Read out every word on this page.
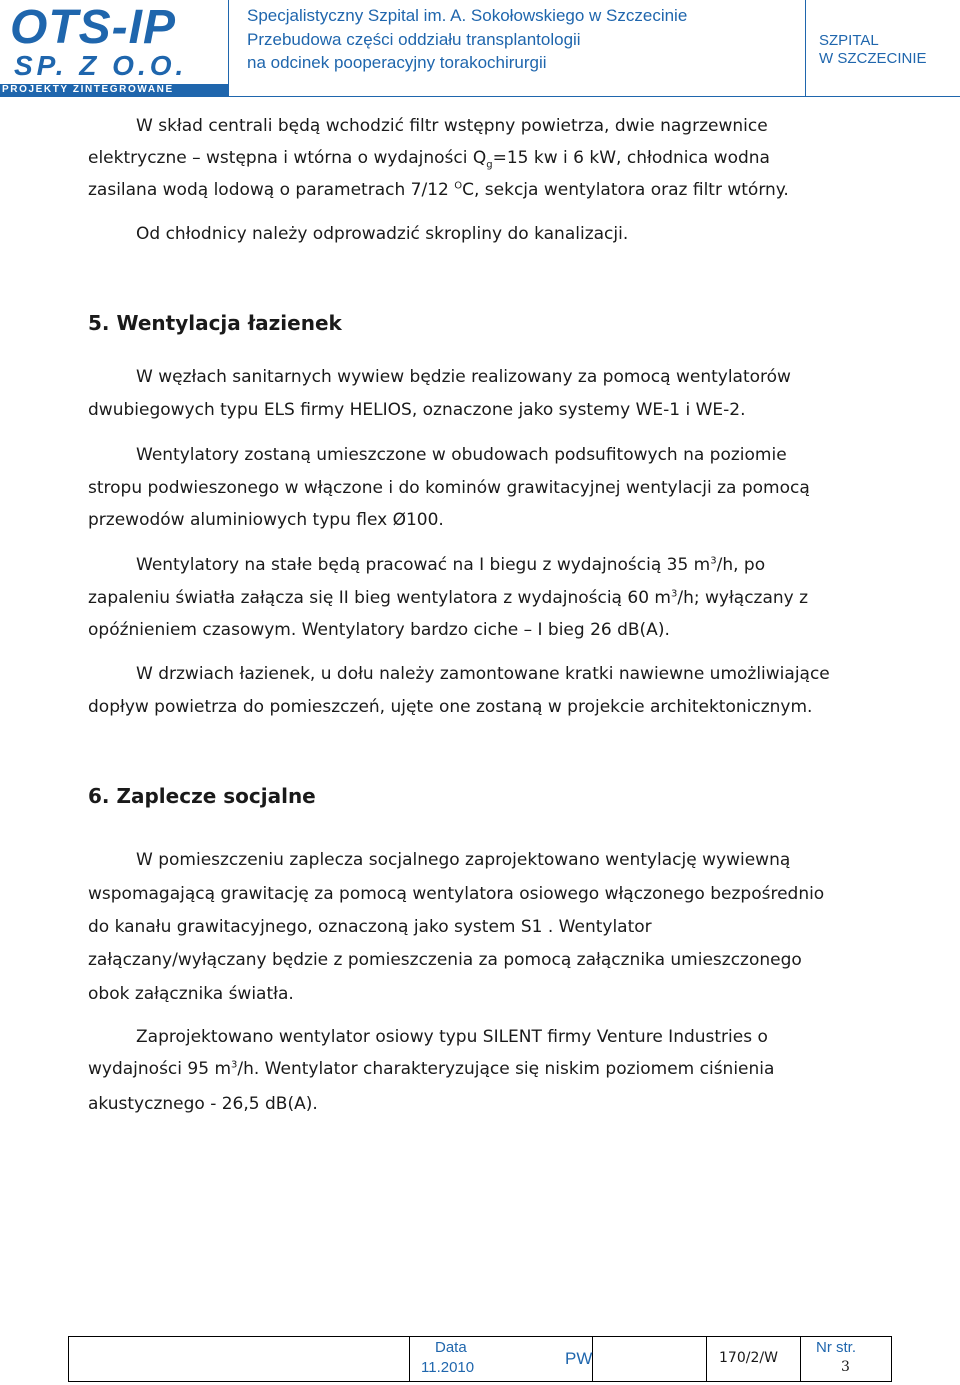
OTS-IP
SP. Z O.O.
PROJEKTY ZINTEGROWANE
Specjalistyczny Szpital im. A. Sokołowskiego w Szczecinie
Przebudowa części oddziału transplantologii
na odcinek pooperacyjny torakochirurgii
SZPITAL
W SZCZECINIE
W skład centrali będą wchodzić filtr wstępny powietrza, dwie nagrzewnice
elektryczne – wstępna i wtórna o wydajności $Q_g=15$ kw i 6 kW, chłodnica wodna
zasilana wodą lodową o parametrach 7/12 $^O$C, sekcja wentylatora oraz filtr wtórny.
Od chłodnicy należy odprowadzić skropliny do kanalizacji.
5. Wentylacja łazienek
W węzłach sanitarnych wywiew będzie realizowany za pomocą wentylatorów
dwubiegowych typu ELS firmy HELIOS, oznaczone jako systemy WE-1 i WE-2.
Wentylatory zostaną umieszczone w obudowach podsufitowych na poziomie
stropu podwieszonego w włączone i do kominów grawitacyjnej wentylacji za pomocą
przewodów aluminiowych typu flex Ø100.
Wentylatory na stałe będą pracować na I biegu z wydajnością 35 $m^3/h$, po
zapaleniu światła załącza się II bieg wentylatora z wydajnością 60 $m^3/h$; wyłączany z
opóźnieniem czasowym. Wentylatory bardzo ciche – I bieg 26 dB(A).
W drzwiach łazienek, u dołu należy zamontowane kratki nawiewne umożliwiające
dopływ powietrza do pomieszczeń, ujęte one zostaną w projekcie architektonicznym.
6. Zaplecze socjalne
W pomieszczeniu zaplecza socjalnego zaprojektowano wentylację wywiewną
wspomagającą grawitację za pomocą wentylatora osiowego włączonego bezpośrednio
do kanału grawitacyjnego, oznaczoną jako system S1 . Wentylator
załączany/wyłączany będzie z pomieszczenia za pomocą załącznika umieszczonego
obok załącznika światła.
Zaprojektowano wentylator osiowy typu SILENT firmy Venture Industries o
wydajności 95 $m^3/h$. Wentylator charakteryzujące się niskim poziomem ciśnienia
akustycznego - 26,5 dB(A).
Data
11.2010	PW	170/2/W
Nr str.
3
